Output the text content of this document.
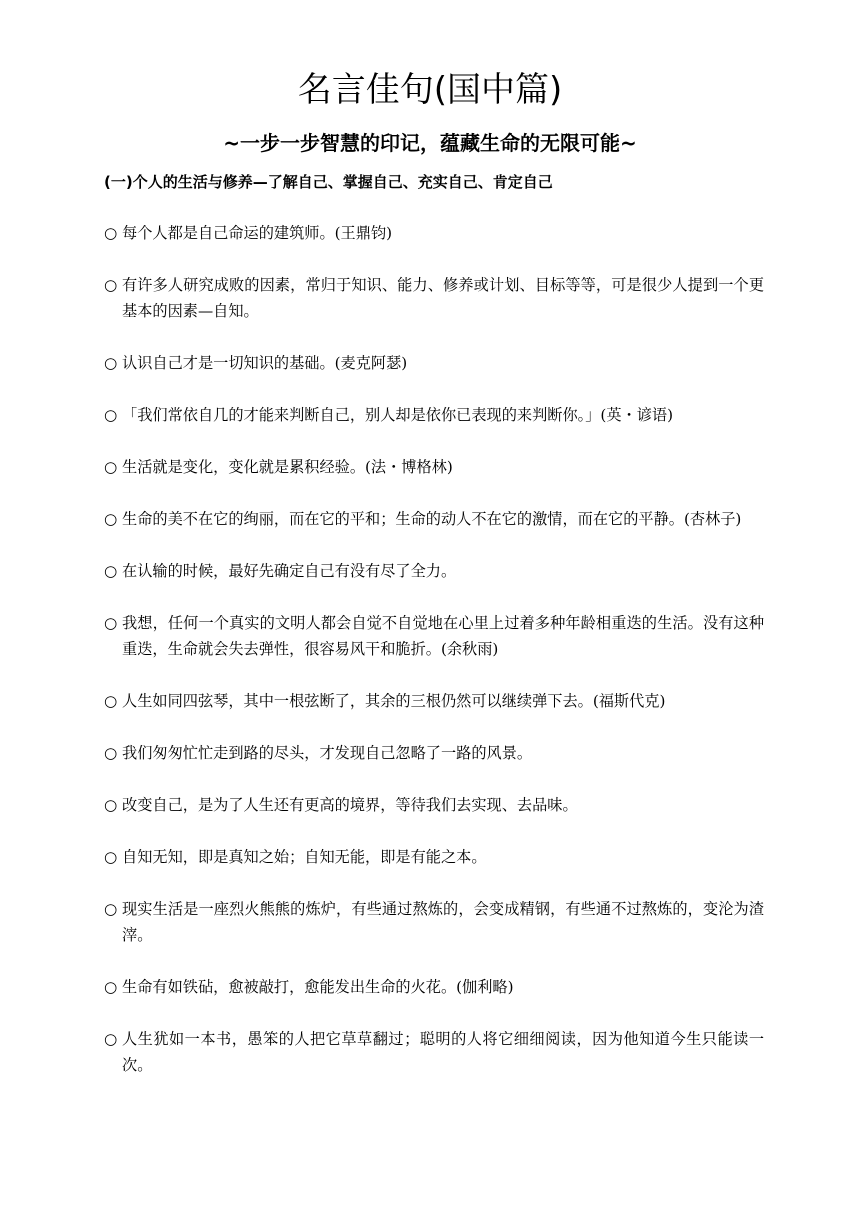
名言佳句(国中篇)
~一步一步智慧的印记，蕴藏生命的无限可能~
(一)个人的生活与修养—了解自己、掌握自己、充实自己、肯定自己
○ 每个人都是自己命运的建筑师。(王鼎钧)
○ 有许多人研究成败的因素，常归于知识、能力、修养或计划、目标等等，可是很少人提到一个更基本的因素—自知。
○ 认识自己才是一切知识的基础。(麦克阿瑟)
○ 「我们常依自几的才能来判断自己，别人却是依你已表现的来判断你。」(英・谚语)
○ 生活就是变化，变化就是累积经验。(法・博格林)
○ 生命的美不在它的绚丽，而在它的平和；生命的动人不在它的激情，而在它的平静。(杏林子)
○ 在认输的时候，最好先确定自己有没有尽了全力。
○ 我想，任何一个真实的文明人都会自觉不自觉地在心里上过着多种年龄相重迭的生活。没有这种重迭，生命就会失去弹性，很容易风干和脆折。(余秋雨)
○ 人生如同四弦琴，其中一根弦断了，其余的三根仍然可以继续弹下去。(福斯代克)
○ 我们匆匆忙忙走到路的尽头，才发现自己忽略了一路的风景。
○ 改变自己，是为了人生还有更高的境界，等待我们去实现、去品味。
○ 自知无知，即是真知之始；自知无能，即是有能之本。
○ 现实生活是一座烈火熊熊的炼炉，有些通过熬炼的，会变成精钢，有些通不过熬炼的，变沦为渣滓。
○ 生命有如铁砧，愈被敲打，愈能发出生命的火花。(伽利略)
○ 人生犹如一本书，愚笨的人把它草草翻过；聪明的人将它细细阅读，因为他知道今生只能读一次。
